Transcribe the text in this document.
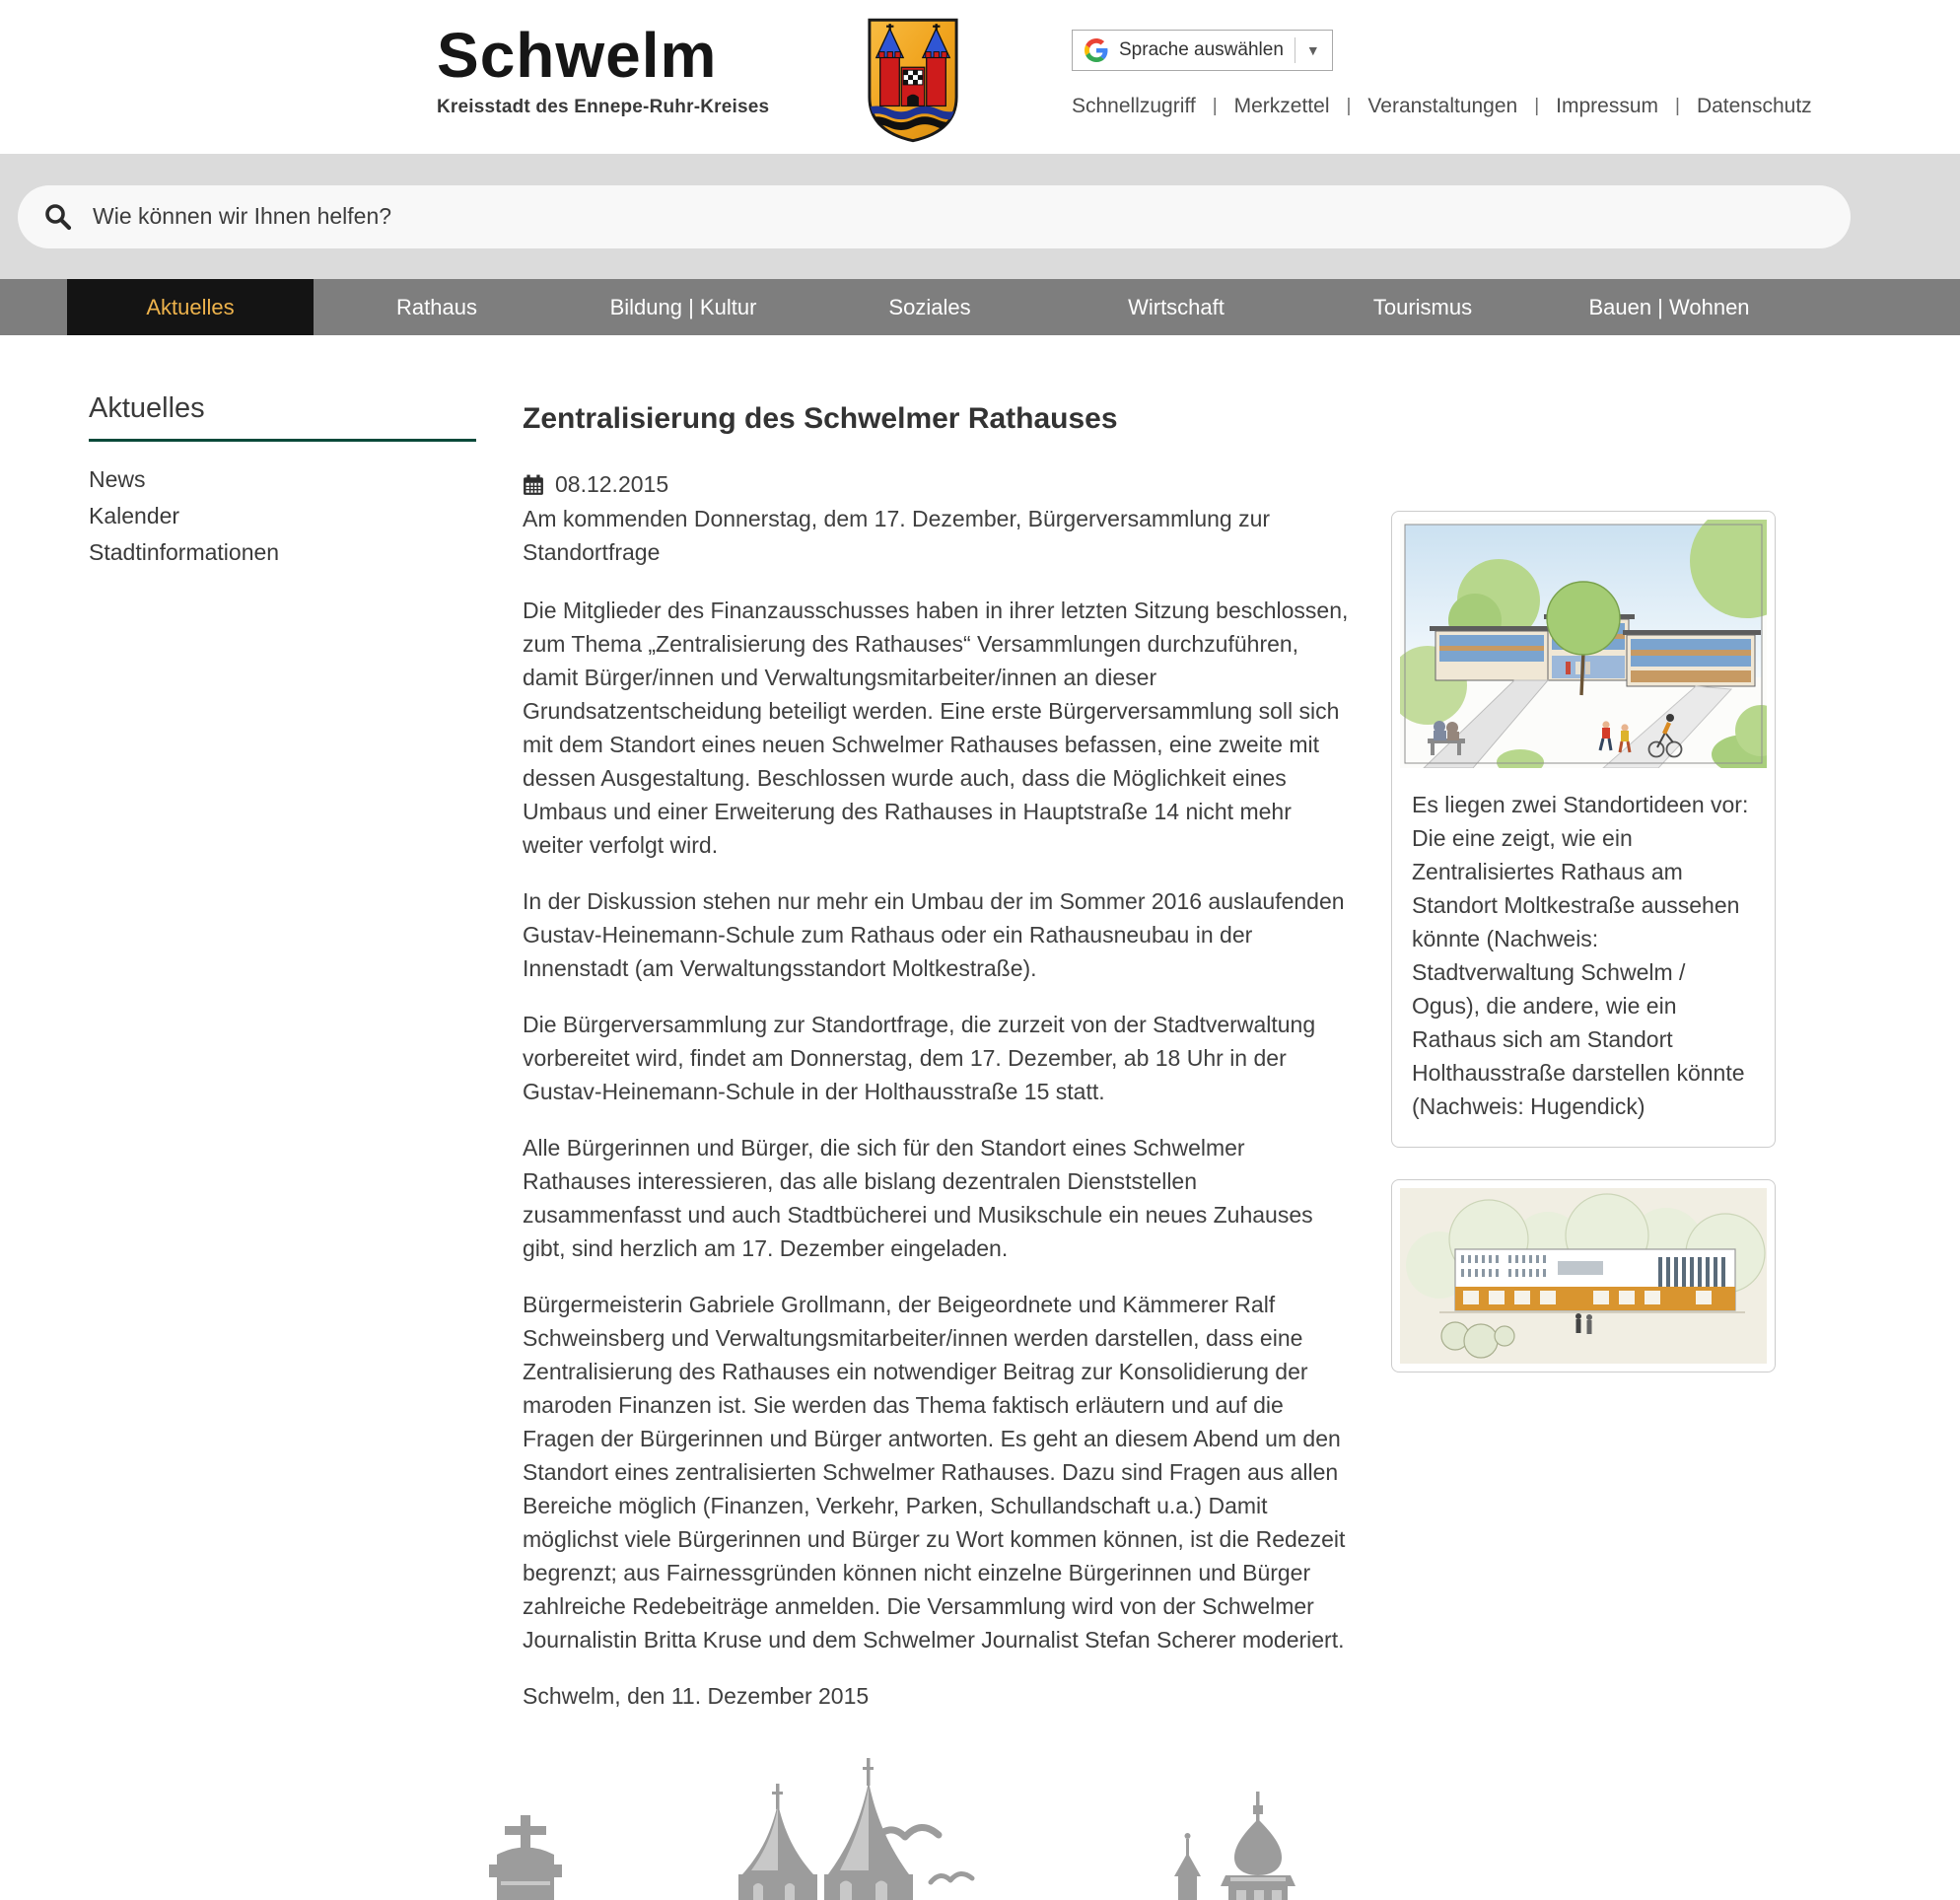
Schwelm
Kreisstadt des Ennepe-Ruhr-Kreises
Sprache auswählen ▼
Schnellzugriff | Merkzettel | Veranstaltungen | Impressum | Datenschutz
Wie können wir Ihnen helfen?
Aktuelles	Rathaus	Bildung | Kultur	Soziales	Wirtschaft	Tourismus	Bauen | Wohnen
Aktuelles
News
Kalender
Stadtinformationen
Zentralisierung des Schwelmer Rathauses
08.12.2015

Am kommenden Donnerstag, dem 17. Dezember, Bürgerversammlung zur Standortfrage

Die Mitglieder des Finanzausschusses haben in ihrer letzten Sitzung beschlossen, zum Thema „Zentralisierung des Rathauses“ Versammlungen durchzuführen, damit Bürger/innen und Verwaltungsmitarbeiter/innen an dieser Grundsatzentscheidung beteiligt werden. Eine erste Bürgerversammlung soll sich mit dem Standort eines neuen Schwelmer Rathauses befassen, eine zweite mit dessen Ausgestaltung. Beschlossen wurde auch, dass die Möglichkeit eines Umbaus und einer Erweiterung des Rathauses in Hauptstraße 14 nicht mehr weiter verfolgt wird.

In der Diskussion stehen nur mehr ein Umbau der im Sommer 2016 auslaufenden Gustav-Heinemann-Schule zum Rathaus oder ein Rathausneubau in der Innenstadt (am Verwaltungsstandort Moltkestraße).

Die Bürgerversammlung zur Standortfrage, die zurzeit von der Stadtverwaltung vorbereitet wird, findet am Donnerstag, dem 17. Dezember, ab 18 Uhr in der Gustav-Heinemann-Schule in der Holthausstraße 15 statt.

Alle Bürgerinnen und Bürger, die sich für den Standort eines Schwelmer Rathauses interessieren, das alle bislang dezentralen Dienststellen zusammenfasst und auch Stadtbücherei und Musikschule ein neues Zuhauses gibt, sind herzlich am 17. Dezember eingeladen.

Bürgermeisterin Gabriele Grollmann, der Beigeordnete und Kämmerer Ralf Schweinsberg und Verwaltungsmitarbeiter/innen werden darstellen, dass eine Zentralisierung des Rathauses ein notwendiger Beitrag zur Konsolidierung der maroden Finanzen ist. Sie werden das Thema faktisch erläutern und auf die Fragen der Bürgerinnen und Bürger antworten. Es geht an diesem Abend um den Standort eines zentralisierten Schwelmer Rathauses. Dazu sind Fragen aus allen Bereiche möglich (Finanzen, Verkehr, Parken, Schullandschaft u.a.) Damit möglichst viele Bürgerinnen und Bürger zu Wort kommen können, ist die Redezeit begrenzt; aus Fairnessgründen können nicht einzelne Bürgerinnen und Bürger zahlreiche Redebeiträge anmelden. Die Versammlung wird von der Schwelmer Journalistin Britta Kruse und dem Schwelmer Journalist Stefan Scherer moderiert.

Schwelm, den 11. Dezember 2015

Es liegen zwei Standortideen vor: Die eine zeigt, wie ein Zentralisiertes Rathaus am Standort Moltkestraße aussehen könnte (Nachweis: Stadtverwaltung Schwelm / Ogus), die andere, wie ein Rathaus sich am Standort Holthausstraße darstellen könnte (Nachweis: Hugendick)
